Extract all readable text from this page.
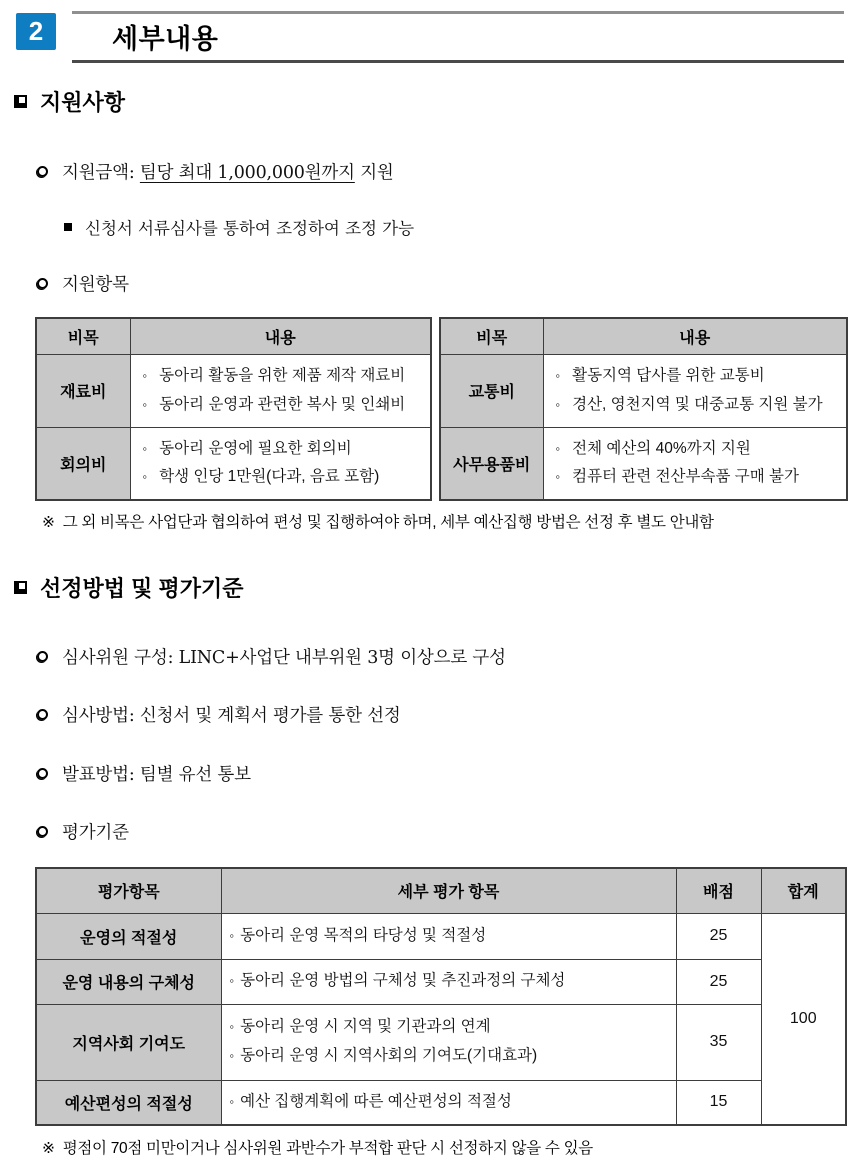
2	세부내용
지원사항
지원금액: 팀당 최대 1,000,000원까지 지원
신청서 서류심사를 통하여 조정하여 조정 가능
지원항목
비목	내용
재료비	◦ 동아리 활동을 위한 제품 제작 재료비
◦ 동아리 운영과 관련한 복사 및 인쇄비

회의비	◦ 동아리 운영에 필요한 회의비
◦ 학생 인당 1만원(다과, 음료 포함)
비목	내용
교통비	◦ 활동지역 답사를 위한 교통비
◦ 경산, 영천지역 및 대중교통 지원 불가

사무용품비	◦ 전체 예산의 40%까지 지원
◦ 컴퓨터 관련 전산부속품 구매 불가
※ 그 외 비목은 사업단과 협의하여 편성 및 집행하여야 하며, 세부 예산집행 방법은 선정 후 별도 안내함
선정방법 및 평가기준
심사위원 구성: LINC+사업단 내부위원 3명 이상으로 구성
심사방법: 신청서 및 계획서 평가를 통한 선정
발표방법: 팀별 유선 통보
평가기준
평가항목	세부 평가 항목	배점	합계
운영의 적절성	◦ 동아리 운영 목적의 타당성 및 적절성	25	100
운영 내용의 구체성	◦ 동아리 운영 방법의 구체성 및 추진과정의 구체성	25	
지역사회 기여도	◦ 동아리 운영 시 지역 및 기관과의 연계
◦ 동아리 운영 시 지역사회의 기여도(기대효과)	35	
예산편성의 적절성	◦ 예산 집행계획에 따른 예산편성의 적절성	15	
※ 평점이 70점 미만이거나 심사위원 과반수가 부적합 판단 시 선정하지 않을 수 있음
